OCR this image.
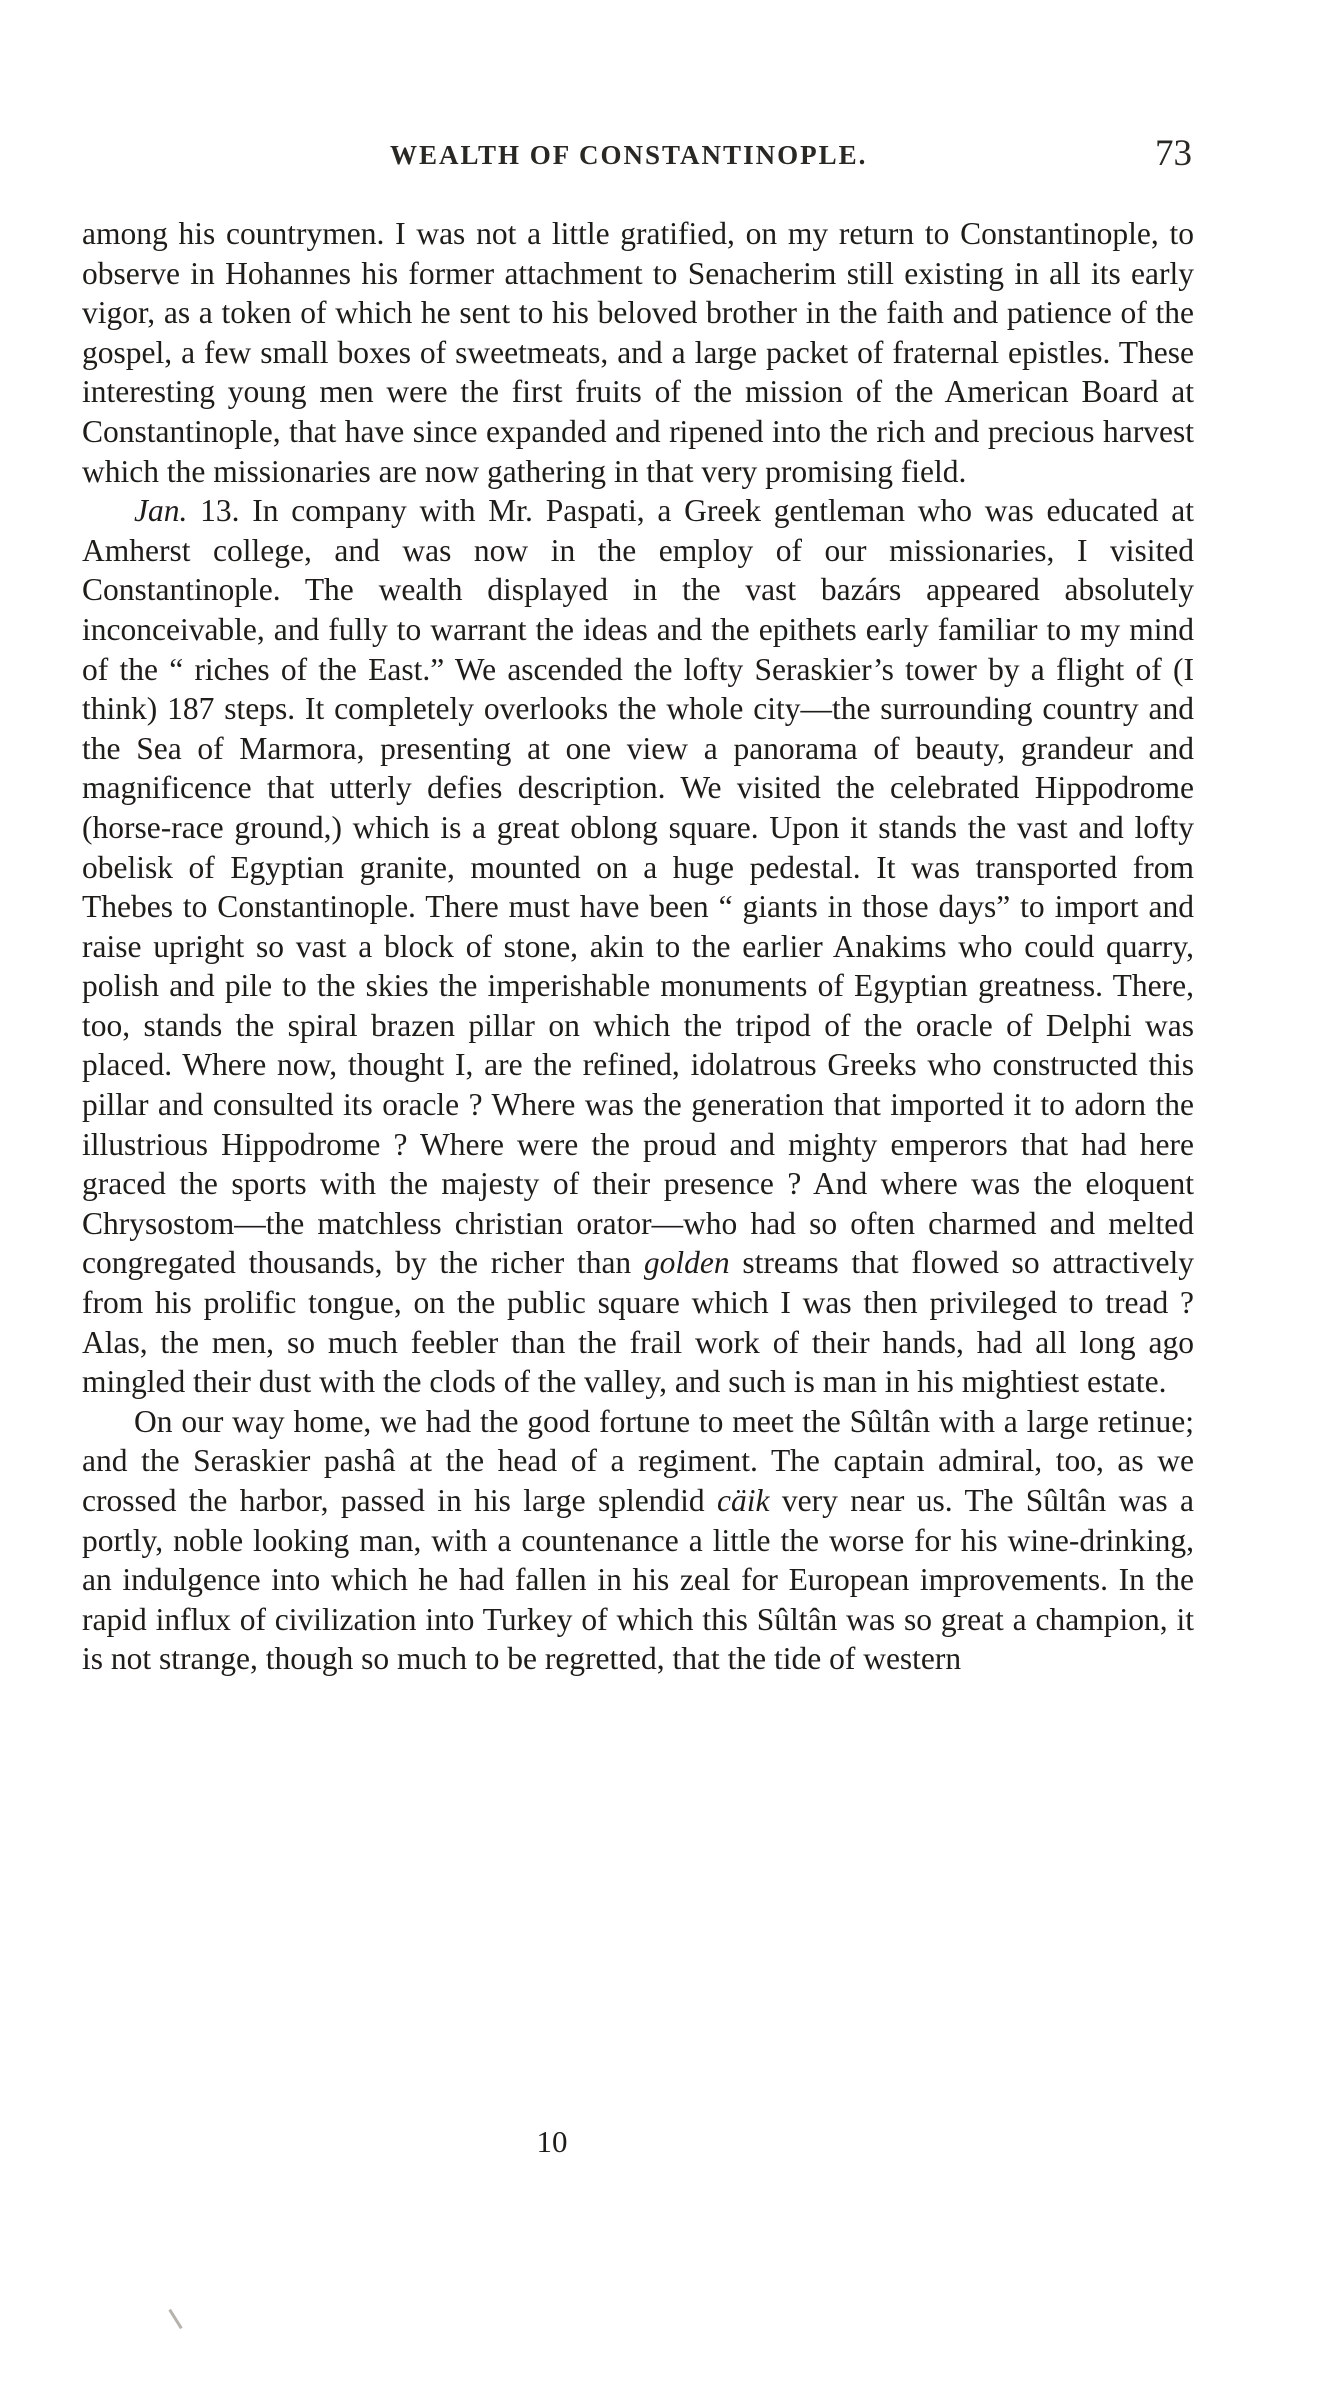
WEALTH OF CONSTANTINOPLE.	73

among his countrymen. I was not a little gratified, on my return to Constantinople, to observe in Hohannes his former attachment to Senacherim still existing in all its early vigor, as a token of which he sent to his beloved brother in the faith and patience of the gospel, a few small boxes of sweetmeats, and a large packet of fraternal epistles. These interesting young men were the first fruits of the mission of the American Board at Constantinople, that have since expanded and ripened into the rich and precious harvest which the missionaries are now gathering in that very promising field.

Jan. 13. In company with Mr. Paspati, a Greek gentleman who was educated at Amherst college, and was now in the employ of our missionaries, I visited Constantinople. The wealth displayed in the vast bazárs appeared absolutely inconceivable, and fully to warrant the ideas and the epithets early familiar to my mind of the “ riches of the East.” We ascended the lofty Seraskier’s tower by a flight of (I think) 187 steps. It completely overlooks the whole city—the surrounding country and the Sea of Marmora, presenting at one view a panorama of beauty, grandeur and magnificence that utterly defies description. We visited the celebrated Hippodrome (horse-race ground,) which is a great oblong square. Upon it stands the vast and lofty obelisk of Egyptian granite, mounted on a huge pedestal. It was transported from Thebes to Constantinople. There must have been “ giants in those days” to import and raise upright so vast a block of stone, akin to the earlier Anakims who could quarry, polish and pile to the skies the imperishable monuments of Egyptian greatness. There, too, stands the spiral brazen pillar on which the tripod of the oracle of Delphi was placed. Where now, thought I, are the refined, idolatrous Greeks who constructed this pillar and consulted its oracle ? Where was the generation that imported it to adorn the illustrious Hippodrome ? Where were the proud and mighty emperors that had here graced the sports with the majesty of their presence ? And where was the eloquent Chrysostom—the matchless christian orator—who had so often charmed and melted congregated thousands, by the richer than golden streams that flowed so attractively from his prolific tongue, on the public square which I was then privileged to tread ? Alas, the men, so much feebler than the frail work of their hands, had all long ago mingled their dust with the clods of the valley, and such is man in his mightiest estate.

On our way home, we had the good fortune to meet the Sûltân with a large retinue; and the Seraskier pashâ at the head of a regiment. The captain admiral, too, as we crossed the harbor, passed in his large splendid cäik very near us. The Sûltân was a portly, noble looking man, with a countenance a little the worse for his wine-drinking, an indulgence into which he had fallen in his zeal for European improvements. In the rapid influx of civilization into Turkey of which this Sûltân was so great a champion, it is not strange, though so much to be regretted, that the tide of western

10
